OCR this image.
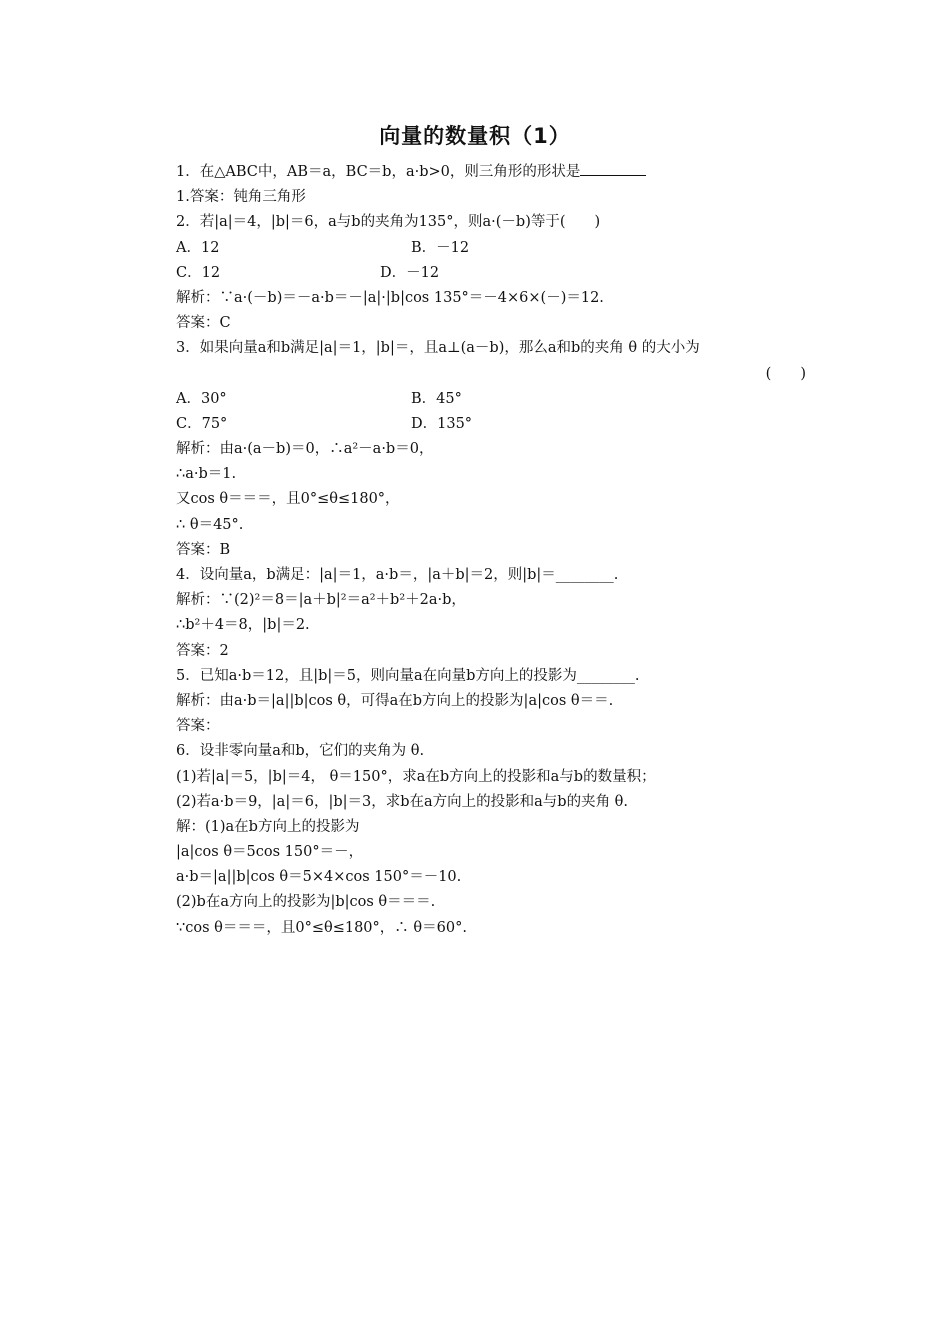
向量的数量积（1）
1．在△ABC中，AB＝a，BC＝b，a·b>0，则三角形的形状是
1.答案：钝角三角形
2．若|a|＝4，|b|＝6，a与b的夹角为135°，则a·(－b)等于(　　)
A．12	B．－12
C．12	D．－12
解析：∵a·(－b)＝－a·b＝－|a|·|b|cos 135°＝－4×6×(－)＝12.
答案：C
3．如果向量a和b满足|a|＝1，|b|＝，且a⊥(a－b)，那么a和b的夹角 θ 的大小为
(　　)
A．30°	B．45°
C．75°	D．135°
解析：由a·(a－b)＝0，∴a²－a·b＝0，
∴a·b＝1.
又cos θ＝＝＝，且0°≤θ≤180°，
∴ θ＝45°.
答案：B
4．设向量a，b满足：|a|＝1，a·b＝，|a＋b|＝2，则|b|＝________.
解析：∵(2)²＝8＝|a＋b|²＝a²＋b²＋2a·b，
∴b²＋4＝8，|b|＝2.
答案：2
5．已知a·b＝12，且|b|＝5，则向量a在向量b方向上的投影为________.
解析：由a·b＝|a||b|cos θ，可得a在b方向上的投影为|a|cos θ＝＝.
答案：
6．设非零向量a和b，它们的夹角为 θ.
(1)若|a|＝5，|b|＝4， θ＝150°，求a在b方向上的投影和a与b的数量积；
(2)若a·b＝9，|a|＝6，|b|＝3，求b在a方向上的投影和a与b的夹角 θ.
解：(1)a在b方向上的投影为
|a|cos θ＝5cos 150°＝－，
a·b＝|a||b|cos θ＝5×4×cos 150°＝－10.
(2)b在a方向上的投影为|b|cos θ＝＝＝.
∵cos θ＝＝＝，且0°≤θ≤180°，∴ θ＝60°.
